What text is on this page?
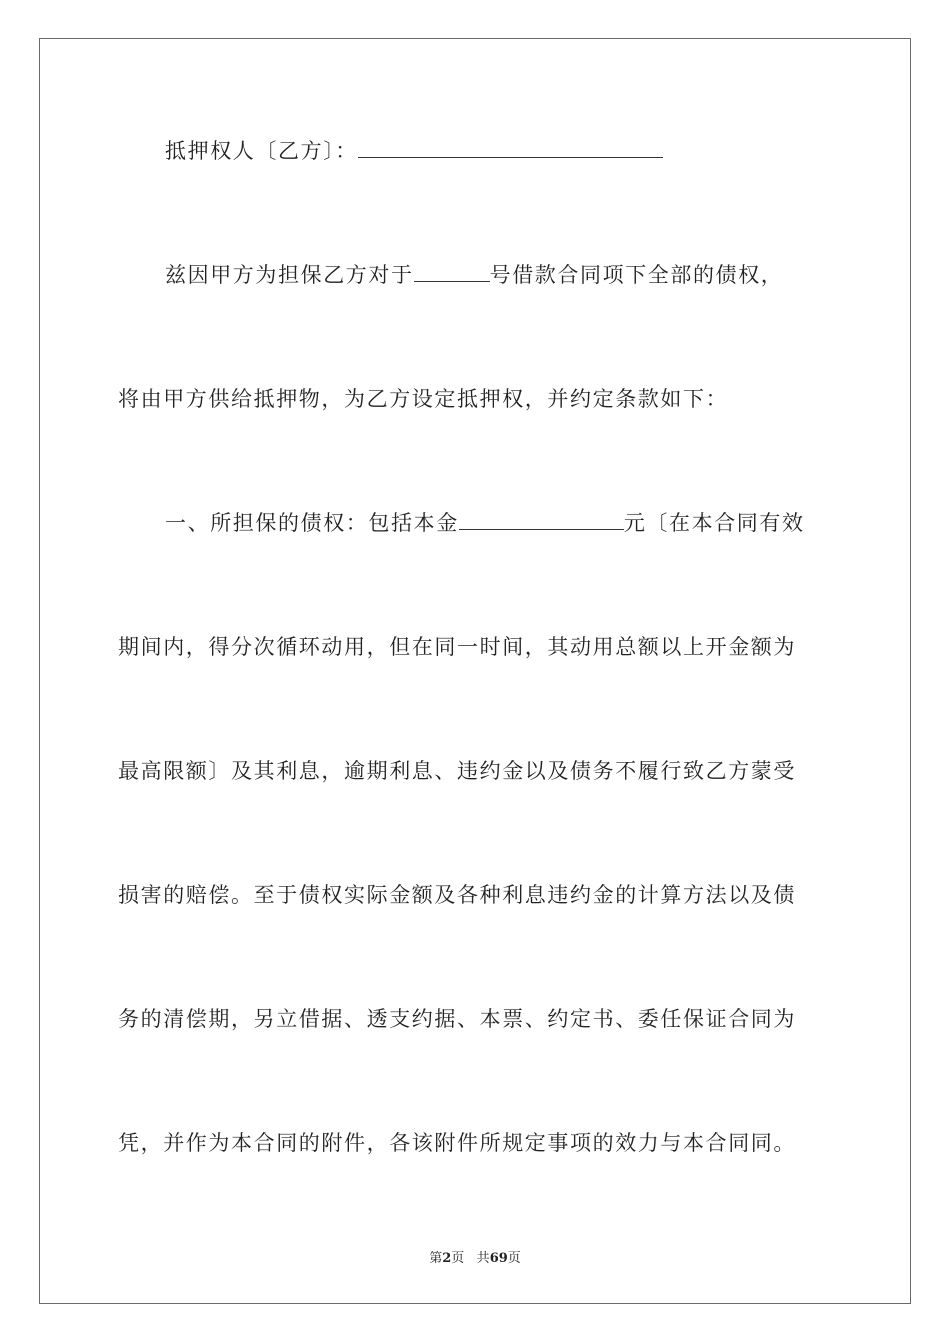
抵押权人〔乙方〕：
兹因甲方为担保乙方对于	号借款合同项下全部的债权，
将由甲方供给抵押物，为乙方设定抵押权，并约定条款如下：
一、所担保的债权：包括本金	元〔在本合同有效
期间内，得分次循环动用，但在同一时间，其动用总额以上开金额为
最高限额〕及其利息，逾期利息、违约金以及债务不履行致乙方蒙受
损害的赔偿。至于债权实际金额及各种利息违约金的计算方法以及债
务的清偿期，另立借据、透支约据、本票、约定书、委任保证合同为
凭，并作为本合同的附件，各该附件所规定事项的效力与本合同同。
第2页 共69页
